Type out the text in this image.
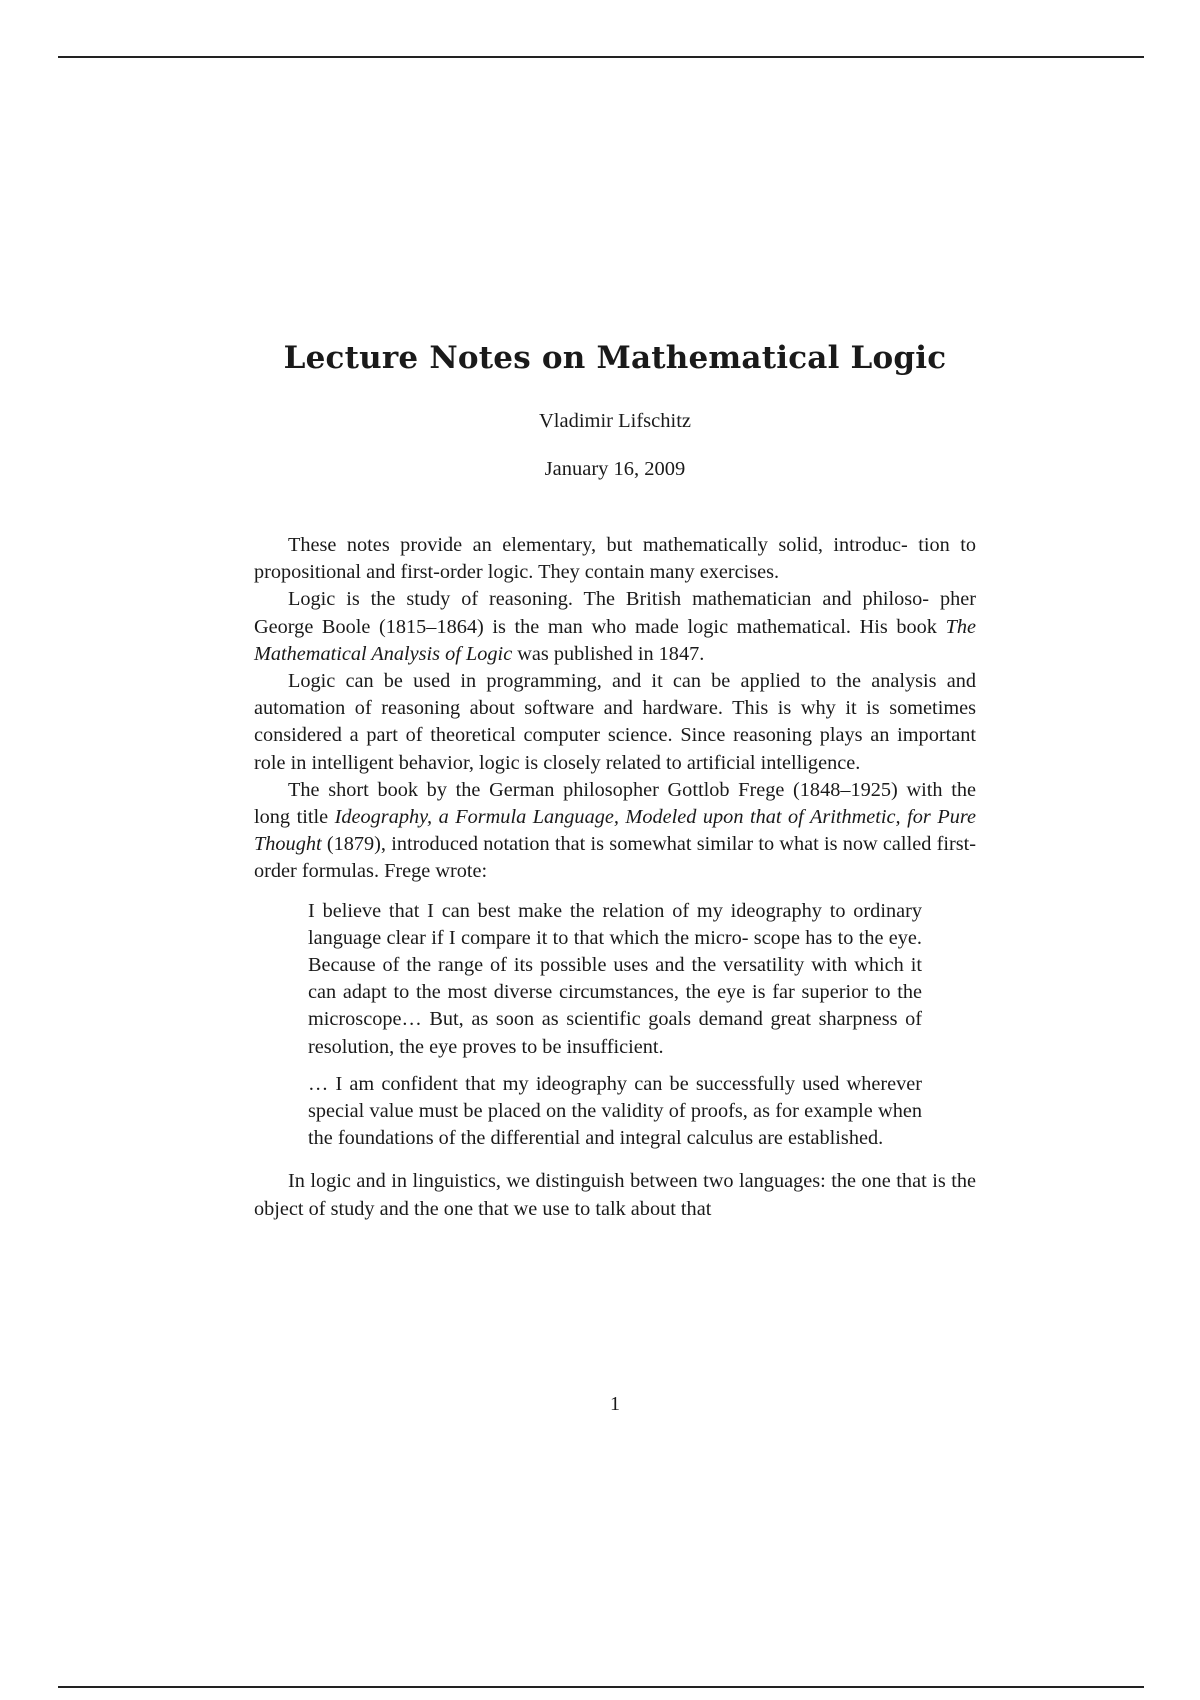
Lecture Notes on Mathematical Logic
Vladimir Lifschitz
January 16, 2009

These notes provide an elementary, but mathematically solid, introduc- tion to propositional and first-order logic. They contain many exercises.

Logic is the study of reasoning. The British mathematician and philoso- pher George Boole (1815–1864) is the man who made logic mathematical. His book The Mathematical Analysis of Logic was published in 1847.

Logic can be used in programming, and it can be applied to the analysis and automation of reasoning about software and hardware. This is why it is sometimes considered a part of theoretical computer science. Since reasoning plays an important role in intelligent behavior, logic is closely related to artificial intelligence.

The short book by the German philosopher Gottlob Frege (1848–1925) with the long title Ideography, a Formula Language, Modeled upon that of Arithmetic, for Pure Thought (1879), introduced notation that is somewhat similar to what is now called first-order formulas. Frege wrote:

I believe that I can best make the relation of my ideography to ordinary language clear if I compare it to that which the micro- scope has to the eye. Because of the range of its possible uses and the versatility with which it can adapt to the most diverse circumstances, the eye is far superior to the microscope… But, as soon as scientific goals demand great sharpness of resolution, the eye proves to be insufficient.

… I am confident that my ideography can be successfully used wherever special value must be placed on the validity of proofs, as for example when the foundations of the differential and integral calculus are established.

In logic and in linguistics, we distinguish between two languages: the one that is the object of study and the one that we use to talk about that

1
